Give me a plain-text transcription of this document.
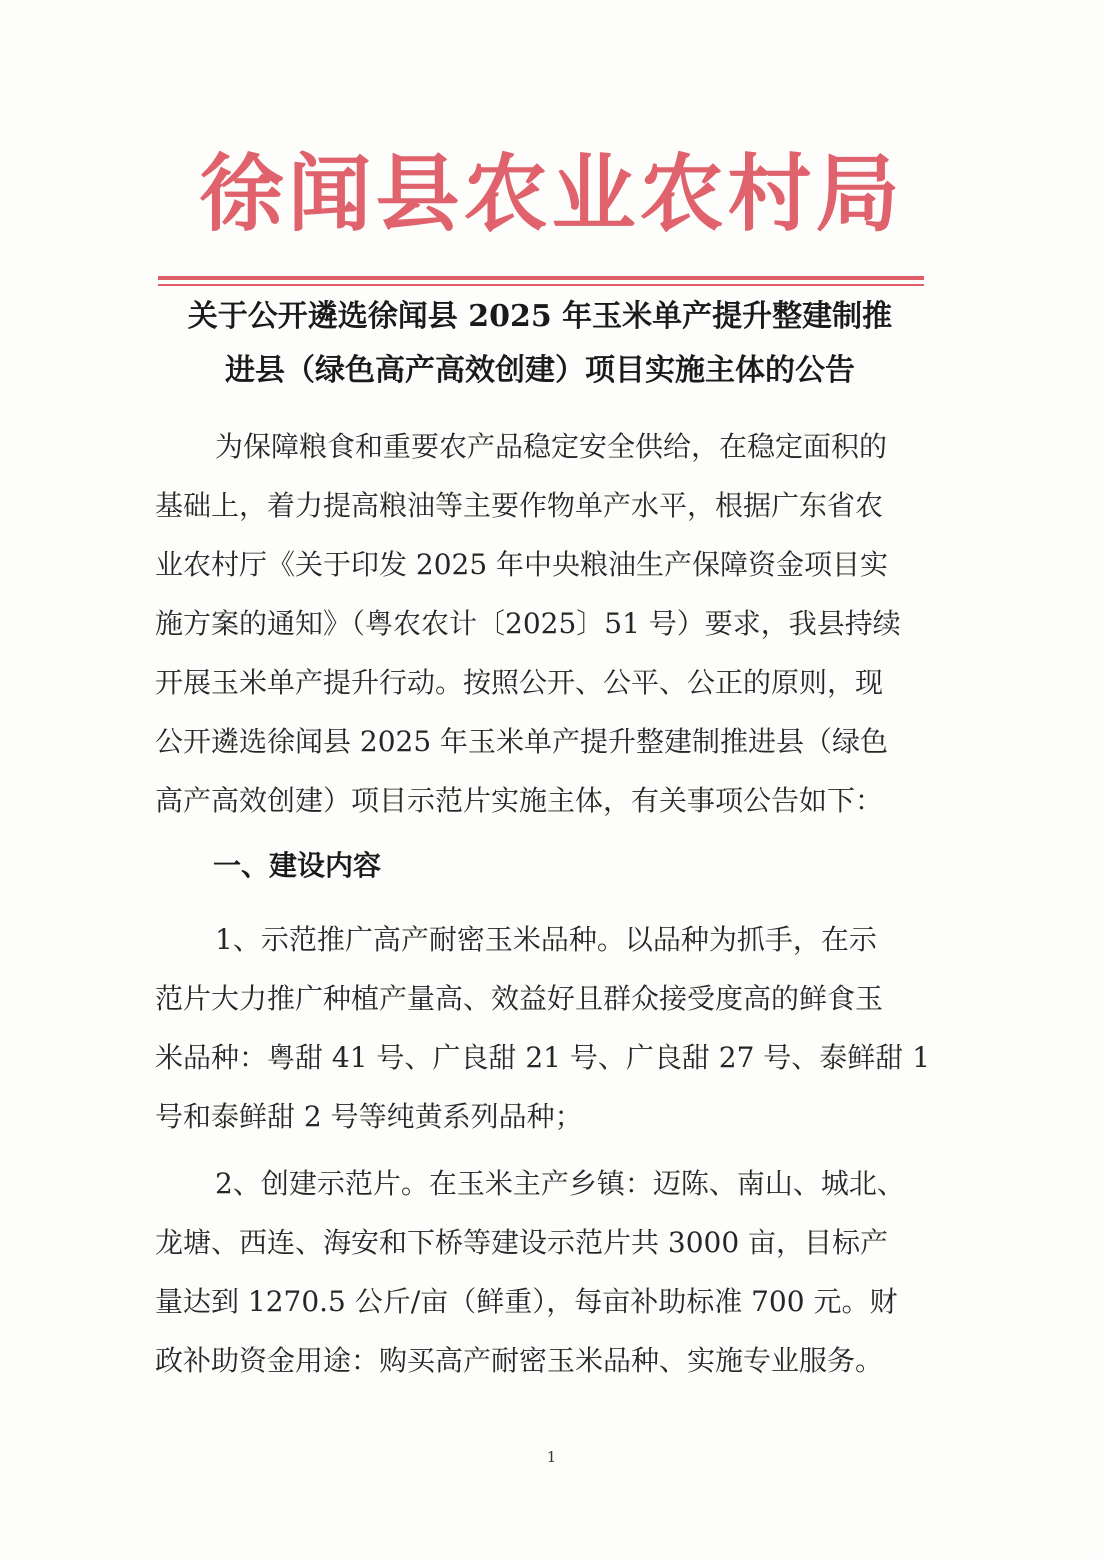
徐闻县农业农村局
关于公开遴选徐闻县 2025 年玉米单产提升整建制推
进县（绿色高产高效创建）项目实施主体的公告
为保障粮食和重要农产品稳定安全供给，在稳定面积的
基础上，着力提高粮油等主要作物单产水平，根据广东省农
业农村厅《关于印发 2025 年中央粮油生产保障资金项目实
施方案的通知》（粤农农计〔2025〕51 号）要求，我县持续
开展玉米单产提升行动。按照公开、公平、公正的原则，现
公开遴选徐闻县 2025 年玉米单产提升整建制推进县（绿色
高产高效创建）项目示范片实施主体，有关事项公告如下：
一、建设内容
1、示范推广高产耐密玉米品种。以品种为抓手，在示
范片大力推广种植产量高、效益好且群众接受度高的鲜食玉
米品种：粤甜 41 号、广良甜 21 号、广良甜 27 号、泰鲜甜 1
号和泰鲜甜 2 号等纯黄系列品种；
2、创建示范片。在玉米主产乡镇：迈陈、南山、城北、
龙塘、西连、海安和下桥等建设示范片共 3000 亩，目标产
量达到 1270.5 公斤/亩（鲜重），每亩补助标准 700 元。财
政补助资金用途：购买高产耐密玉米品种、实施专业服务。
1
